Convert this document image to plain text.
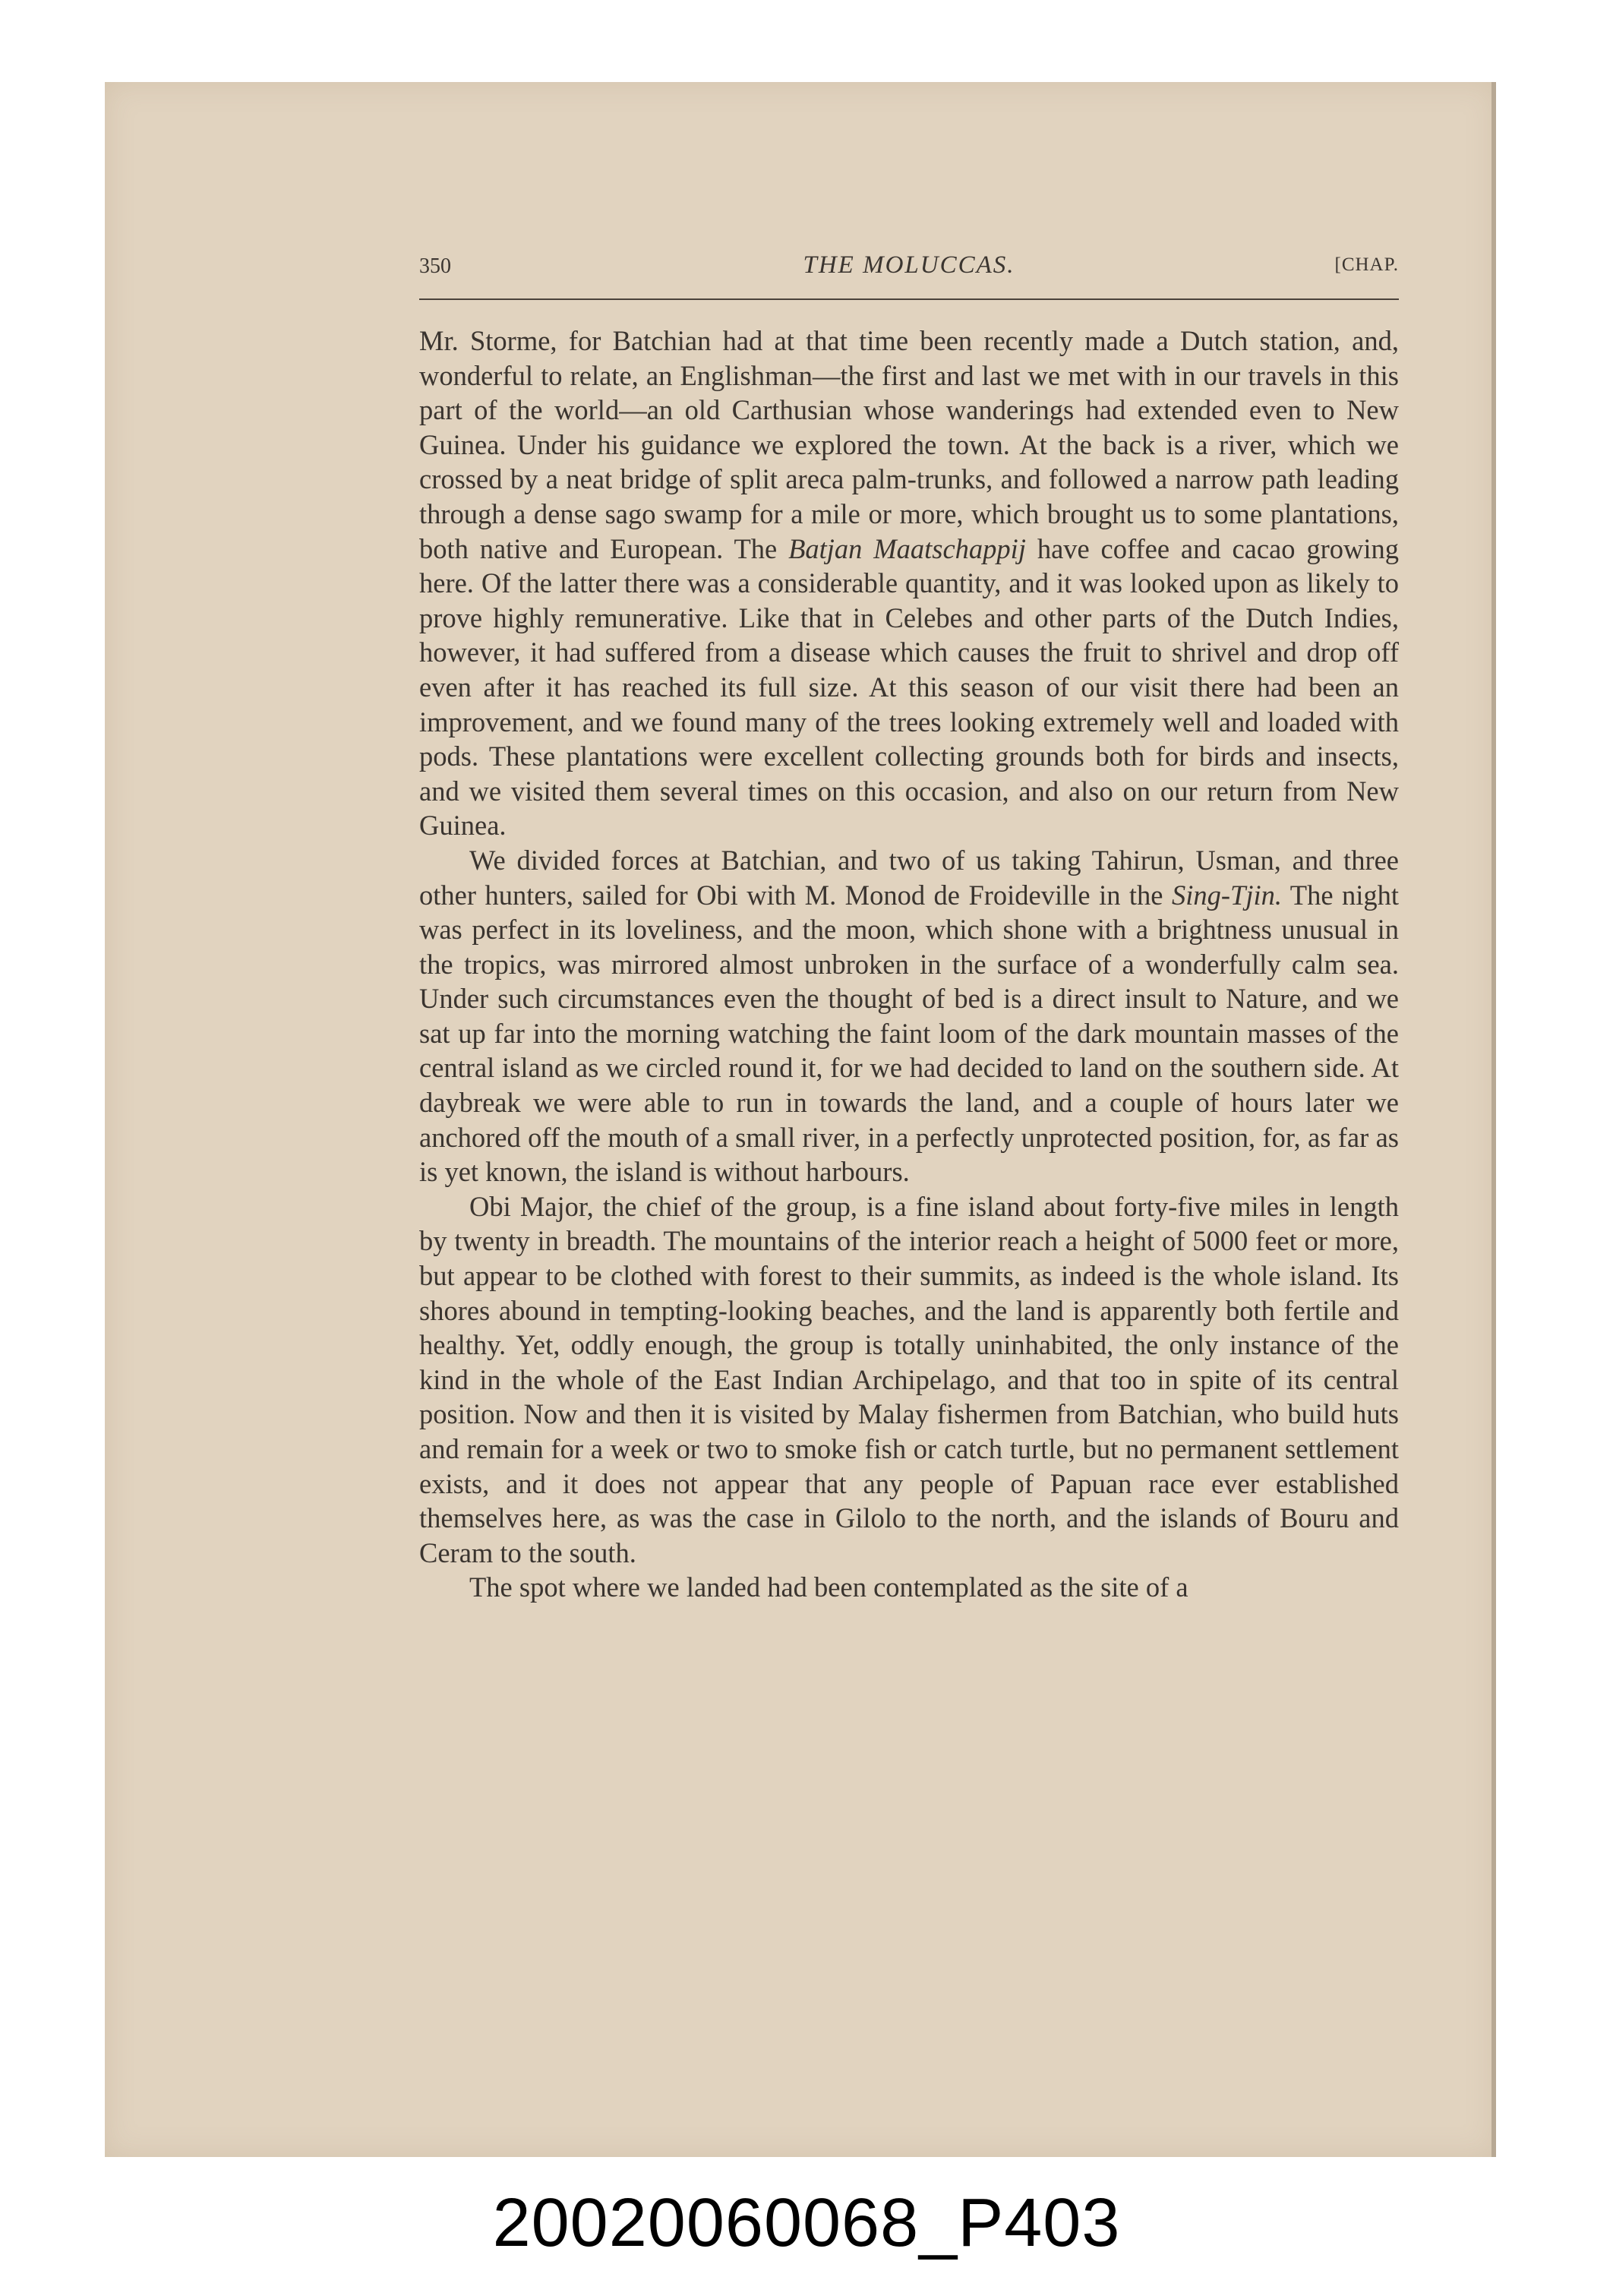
350	THE MOLUCCAS.	[CHAP.

Mr. Storme, for Batchian had at that time been recently made a Dutch station, and, wonderful to relate, an Englishman—the first and last we met with in our travels in this part of the world—an old Carthusian whose wanderings had extended even to New Guinea. Under his guidance we explored the town. At the back is a river, which we crossed by a neat bridge of split areca palm-trunks, and followed a narrow path leading through a dense sago swamp for a mile or more, which brought us to some plantations, both native and European. The Batjan Maatschappij have coffee and cacao growing here. Of the latter there was a considerable quantity, and it was looked upon as likely to prove highly remunerative. Like that in Celebes and other parts of the Dutch Indies, however, it had suffered from a disease which causes the fruit to shrivel and drop off even after it has reached its full size. At this season of our visit there had been an improvement, and we found many of the trees looking extremely well and loaded with pods. These plantations were excellent collecting grounds both for birds and insects, and we visited them several times on this occasion, and also on our return from New Guinea.

We divided forces at Batchian, and two of us taking Tahirun, Usman, and three other hunters, sailed for Obi with M. Monod de Froideville in the Sing-Tjin. The night was perfect in its loveliness, and the moon, which shone with a brightness unusual in the tropics, was mirrored almost unbroken in the surface of a wonderfully calm sea. Under such circumstances even the thought of bed is a direct insult to Nature, and we sat up far into the morning watching the faint loom of the dark mountain masses of the central island as we circled round it, for we had decided to land on the southern side. At daybreak we were able to run in towards the land, and a couple of hours later we anchored off the mouth of a small river, in a perfectly unprotected position, for, as far as is yet known, the island is without harbours.

Obi Major, the chief of the group, is a fine island about forty-five miles in length by twenty in breadth. The mountains of the interior reach a height of 5000 feet or more, but appear to be clothed with forest to their summits, as indeed is the whole island. Its shores abound in tempting-looking beaches, and the land is apparently both fertile and healthy. Yet, oddly enough, the group is totally uninhabited, the only instance of the kind in the whole of the East Indian Archipelago, and that too in spite of its central position. Now and then it is visited by Malay fishermen from Batchian, who build huts and remain for a week or two to smoke fish or catch turtle, but no permanent settlement exists, and it does not appear that any people of Papuan race ever established themselves here, as was the case in Gilolo to the north, and the islands of Bouru and Ceram to the south.

The spot where we landed had been contemplated as the site of a

20020060068_P403
